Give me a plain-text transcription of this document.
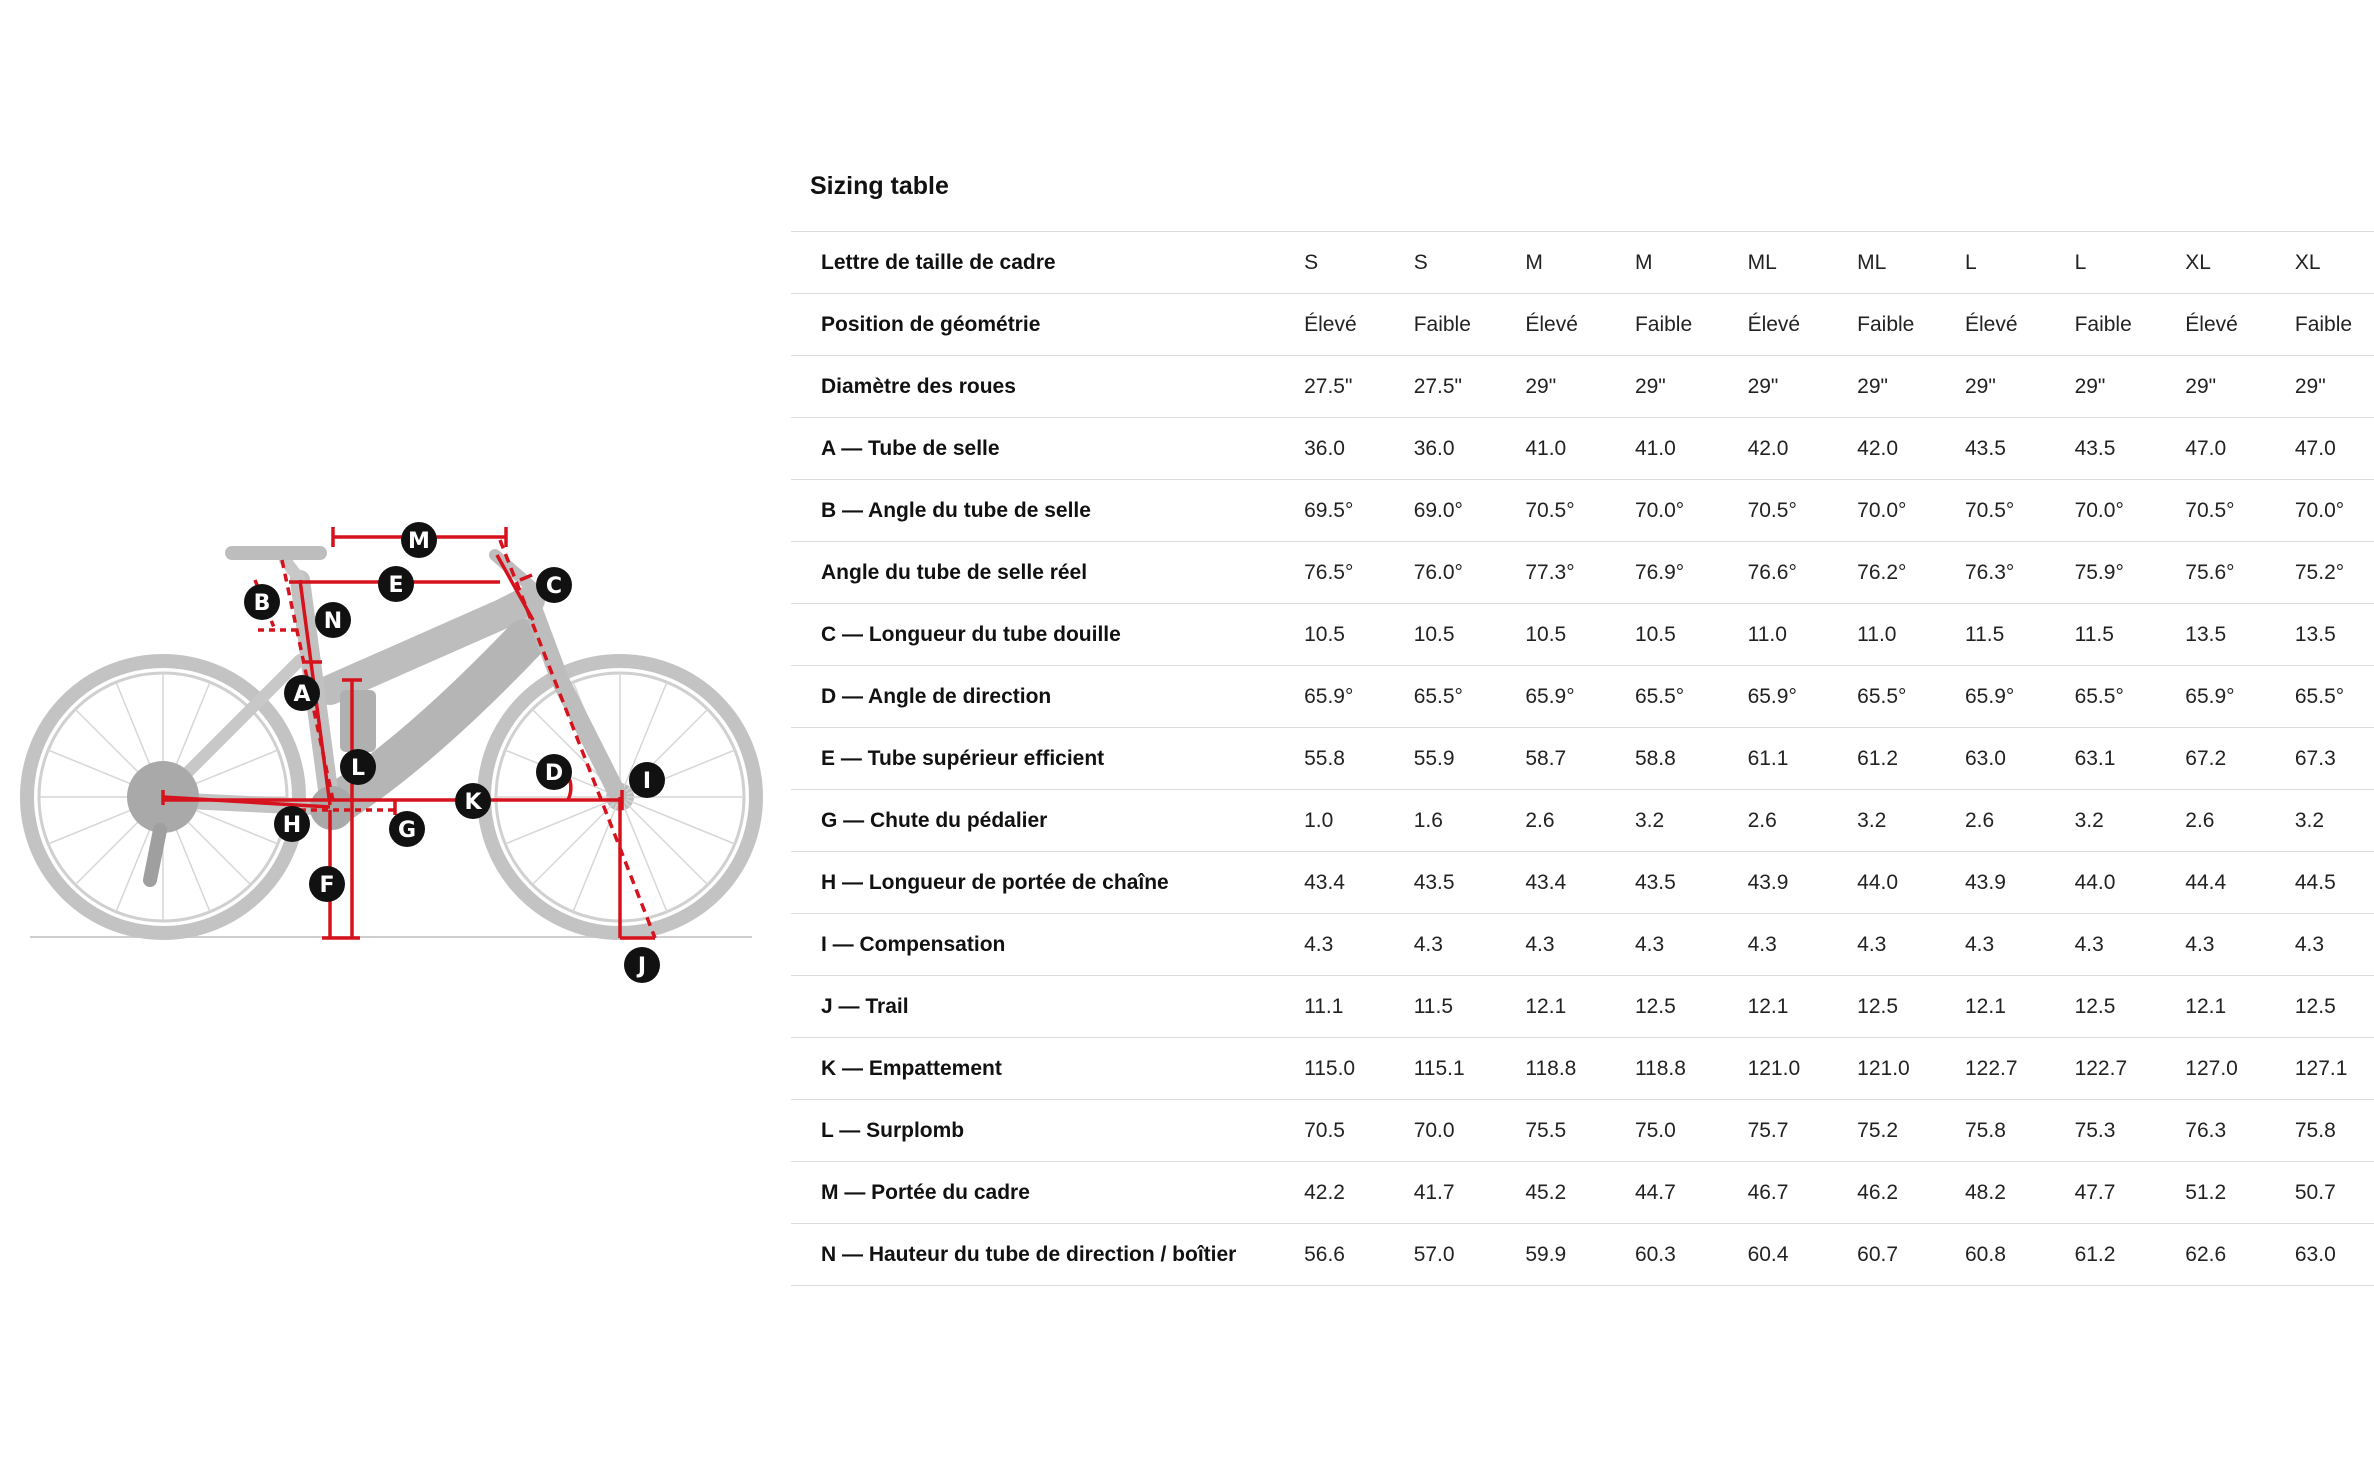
M
E	C
B
N
A
L	D	I
K
H	G
F
J
Sizing table
Lettre de taille de cadre	S	S	M	M	ML	ML	L	L	XL	XL
Position de géométrie	Élevé	Faible	Élevé	Faible	Élevé	Faible	Élevé	Faible	Élevé	Faible
Diamètre des roues	27.5"	27.5"	29"	29"	29"	29"	29"	29"	29"	29"
A — Tube de selle	36.0	36.0	41.0	41.0	42.0	42.0	43.5	43.5	47.0	47.0
B — Angle du tube de selle	69.5°	69.0°	70.5°	70.0°	70.5°	70.0°	70.5°	70.0°	70.5°	70.0°
Angle du tube de selle réel	76.5°	76.0°	77.3°	76.9°	76.6°	76.2°	76.3°	75.9°	75.6°	75.2°
C — Longueur du tube douille	10.5	10.5	10.5	10.5	11.0	11.0	11.5	11.5	13.5	13.5
D — Angle de direction	65.9°	65.5°	65.9°	65.5°	65.9°	65.5°	65.9°	65.5°	65.9°	65.5°
E — Tube supérieur efficient	55.8	55.9	58.7	58.8	61.1	61.2	63.0	63.1	67.2	67.3
G — Chute du pédalier	1.0	1.6	2.6	3.2	2.6	3.2	2.6	3.2	2.6	3.2
H — Longueur de portée de chaîne	43.4	43.5	43.4	43.5	43.9	44.0	43.9	44.0	44.4	44.5
I — Compensation	4.3	4.3	4.3	4.3	4.3	4.3	4.3	4.3	4.3	4.3
J — Trail	11.1	11.5	12.1	12.5	12.1	12.5	12.1	12.5	12.1	12.5
K — Empattement	115.0	115.1	118.8	118.8	121.0	121.0	122.7	122.7	127.0	127.1
L — Surplomb	70.5	70.0	75.5	75.0	75.7	75.2	75.8	75.3	76.3	75.8
M — Portée du cadre	42.2	41.7	45.2	44.7	46.7	46.2	48.2	47.7	51.2	50.7
N — Hauteur du tube de direction / boîtier	56.6	57.0	59.9	60.3	60.4	60.7	60.8	61.2	62.6	63.0
